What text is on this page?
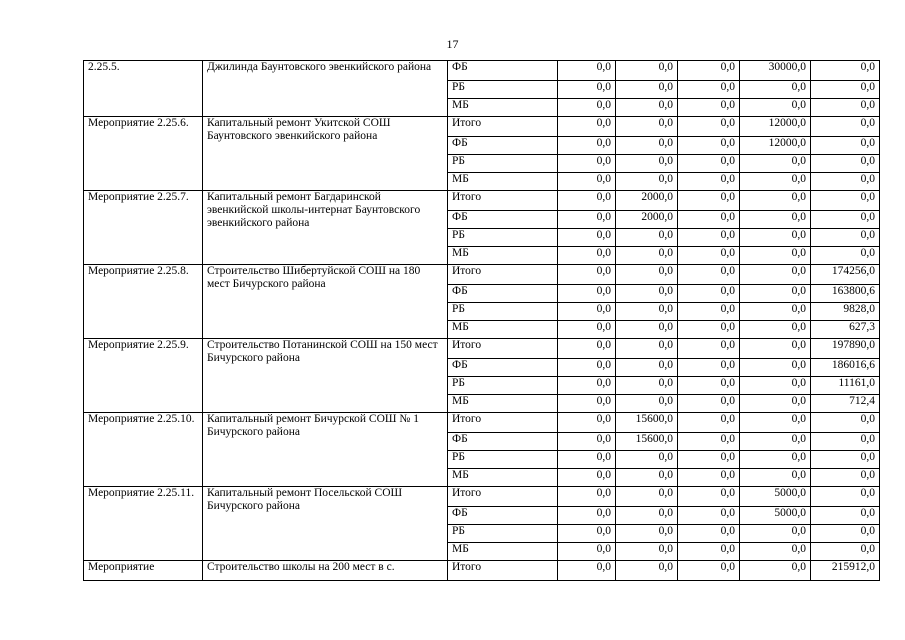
17
2.25.5.	Джилинда Баунтовского эвенкийского района	ФБ	0,0	0,0	0,0	30000,0	0,0
		РБ	0,0	0,0	0,0	0,0	0,0
		МБ	0,0	0,0	0,0	0,0	0,0
Мероприятие 2.25.6.	Капитальный ремонт Укитской СОШ Баунтовского эвенкийского района	Итого	0,0	0,0	0,0	12000,0	0,0
		ФБ	0,0	0,0	0,0	12000,0	0,0
		РБ	0,0	0,0	0,0	0,0	0,0
		МБ	0,0	0,0	0,0	0,0	0,0
Мероприятие 2.25.7.	Капитальный ремонт Багдаринской эвенкийской школы-интернат Баунтовского эвенкийского района	Итого	0,0	2000,0	0,0	0,0	0,0
		ФБ	0,0	2000,0	0,0	0,0	0,0
		РБ	0,0	0,0	0,0	0,0	0,0
		МБ	0,0	0,0	0,0	0,0	0,0
Мероприятие 2.25.8.	Строительство Шибертуйской СОШ на 180 мест Бичурского района	Итого	0,0	0,0	0,0	0,0	174256,0
		ФБ	0,0	0,0	0,0	0,0	163800,6
		РБ	0,0	0,0	0,0	0,0	9828,0
		МБ	0,0	0,0	0,0	0,0	627,3
Мероприятие 2.25.9.	Строительство Потанинской СОШ на 150 мест Бичурского района	Итого	0,0	0,0	0,0	0,0	197890,0
		ФБ	0,0	0,0	0,0	0,0	186016,6
		РБ	0,0	0,0	0,0	0,0	11161,0
		МБ	0,0	0,0	0,0	0,0	712,4
Мероприятие 2.25.10.	Капитальный ремонт Бичурской СОШ № 1 Бичурского района	Итого	0,0	15600,0	0,0	0,0	0,0
		ФБ	0,0	15600,0	0,0	0,0	0,0
		РБ	0,0	0,0	0,0	0,0	0,0
		МБ	0,0	0,0	0,0	0,0	0,0
Мероприятие 2.25.11.	Капитальный ремонт Посельской СОШ Бичурского района	Итого	0,0	0,0	0,0	5000,0	0,0
		ФБ	0,0	0,0	0,0	5000,0	0,0
		РБ	0,0	0,0	0,0	0,0	0,0
		МБ	0,0	0,0	0,0	0,0	0,0
Мероприятие	Строительство школы на 200 мест в с.	Итого	0,0	0,0	0,0	0,0	215912,0
